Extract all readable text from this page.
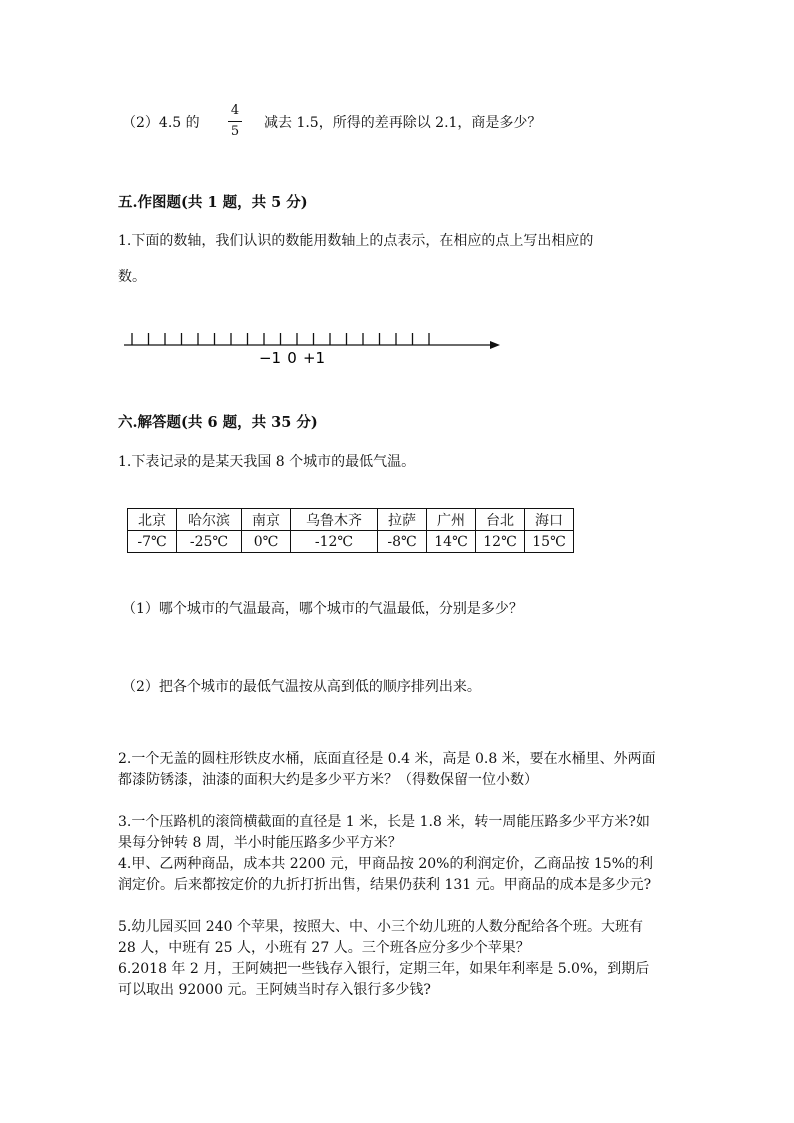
（2）4.5 的
4
5
减去 1.5，所得的差再除以 2.1，商是多少？
五.作图题(共 1 题，共 5 分)
1.下面的数轴，我们认识的数能用数轴上的点表示，在相应的点上写出相应的
数。
−1 0 +1
六.解答题(共 6 题，共 35 分)
1.下表记录的是某天我国 8 个城市的最低气温。
北京	哈尔滨	南京	乌鲁木齐	拉萨	广州	台北	海口
-7℃	-25℃	0℃	-12℃	-8℃	14℃	12℃	15℃
（1）哪个城市的气温最高，哪个城市的气温最低，分别是多少？
（2）把各个城市的最低气温按从高到低的顺序排列出来。
2.一个无盖的圆柱形铁皮水桶，底面直径是 0.4 米，高是 0.8 米，要在水桶里、外两面都漆防锈漆，油漆的面积大约是多少平方米？（得数保留一位小数）
3.一个压路机的滚筒横截面的直径是 1 米，长是 1.8 米，转一周能压路多少平方米?如果每分钟转 8 周，半小时能压路多少平方米？
4.甲、乙两种商品，成本共 2200 元，甲商品按 20%的利润定价，乙商品按 15%的利润定价。后来都按定价的九折打折出售，结果仍获利 131 元。甲商品的成本是多少元?
5.幼儿园买回 240 个苹果，按照大、中、小三个幼儿班的人数分配给各个班。大班有 28 人，中班有 25 人，小班有 27 人。三个班各应分多少个苹果？
6.2018 年 2 月，王阿姨把一些钱存入银行，定期三年，如果年利率是 5.0%，到期后可以取出 92000 元。王阿姨当时存入银行多少钱?
